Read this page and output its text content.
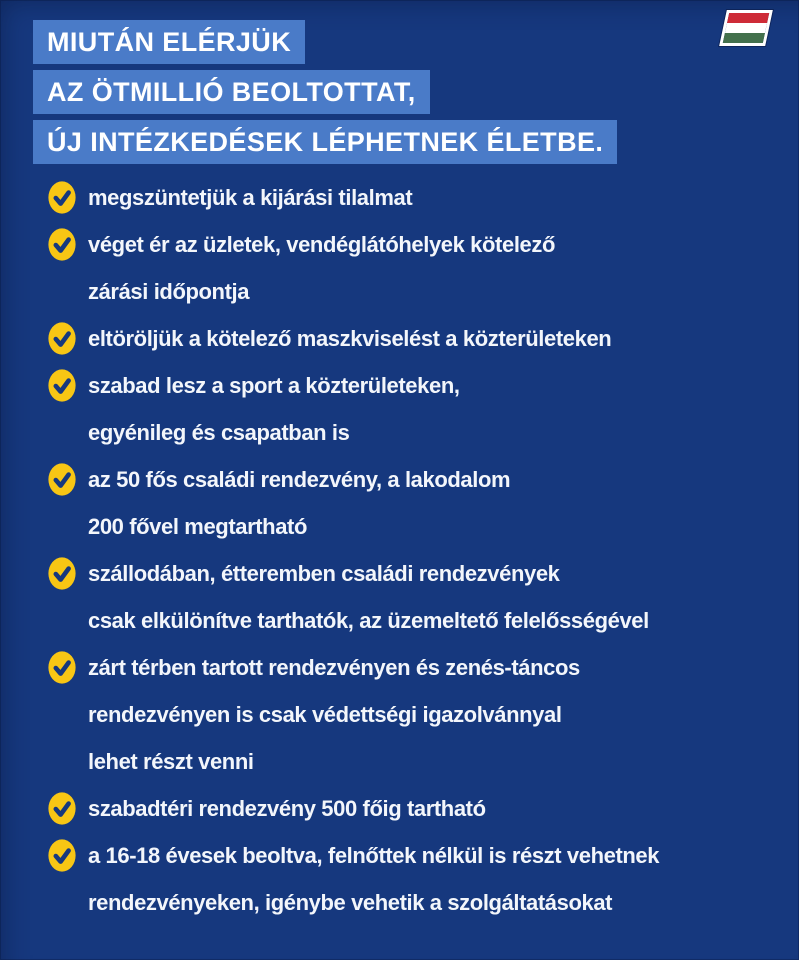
MIUTÁN ELÉRJÜK
AZ ÖTMILLIÓ BEOLTOTTAT,
ÚJ INTÉZKEDÉSEK LÉPHETNEK ÉLETBE.
megszüntetjük a kijárási tilalmat
véget ér az üzletek, vendéglátóhelyek kötelező
zárási időpontja
eltöröljük a kötelező maszkviselést a közterületeken
szabad lesz a sport a közterületeken,
egyénileg és csapatban is
az 50 fős családi rendezvény, a lakodalom
200 fővel megtartható
szállodában, étteremben családi rendezvények
csak elkülönítve tarthatók, az üzemeltető felelősségével
zárt térben tartott rendezvényen és zenés-táncos
rendezvényen is csak védettségi igazolvánnyal
lehet részt venni
szabadtéri rendezvény 500 főig tartható
a 16-18 évesek beoltva, felnőttek nélkül is részt vehetnek
rendezvényeken, igénybe vehetik a szolgáltatásokat
